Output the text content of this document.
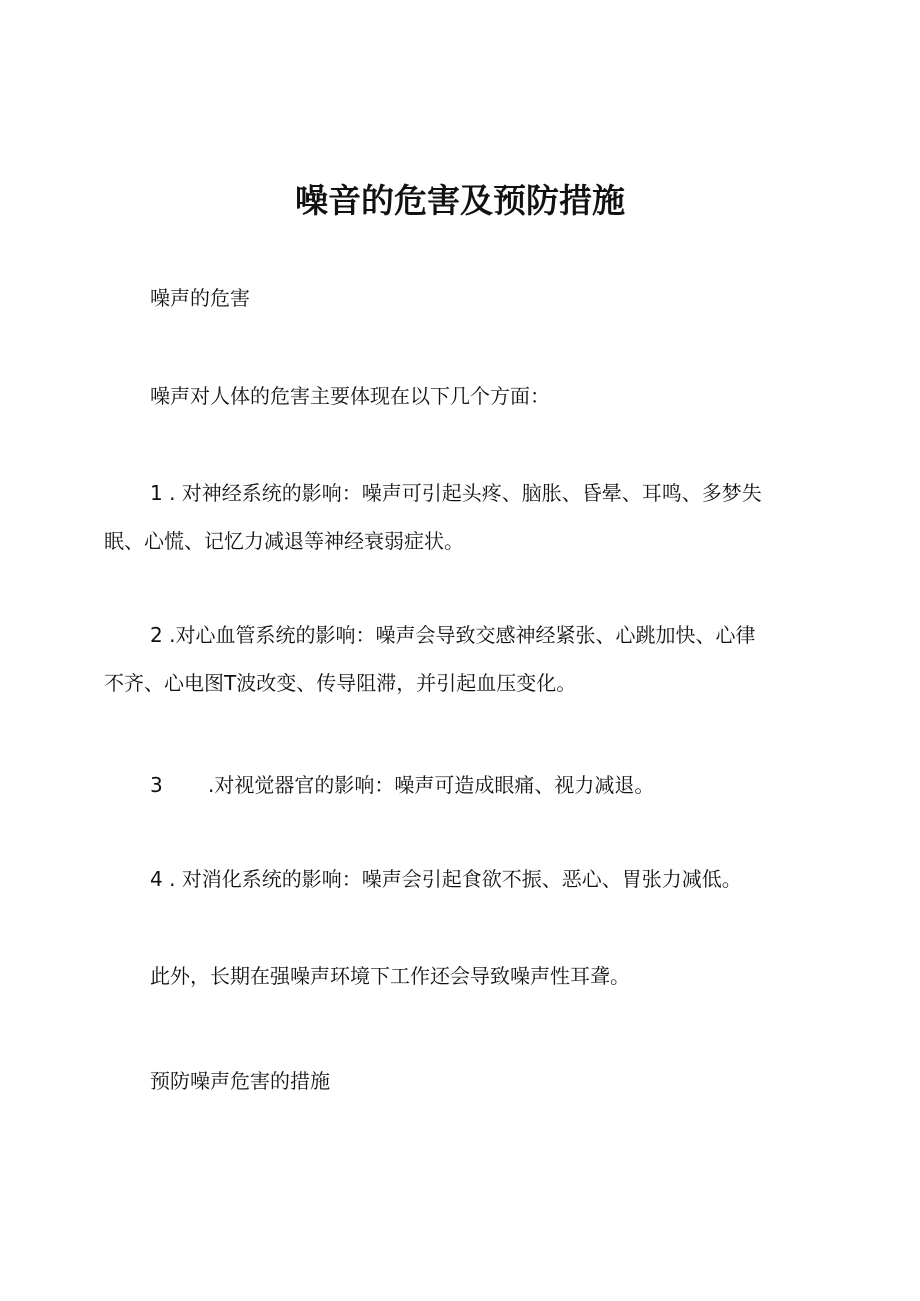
噪音的危害及预防措施

噪声的危害

噪声对人体的危害主要体现在以下几个方面：

1 . 对神经系统的影响：噪声可引起头疼、脑胀、昏晕、耳鸣、多梦失

眠、心慌、记忆力减退等神经衰弱症状。

2 .对心血管系统的影响：噪声会导致交感神经紧张、心跳加快、心律

不齐、心电图T波改变、传导阻滞，并引起血压变化。

3 .对视觉器官的影响：噪声可造成眼痛、视力减退。

4 . 对消化系统的影响：噪声会引起食欲不振、恶心、胃张力减低。

此外，长期在强噪声环境下工作还会导致噪声性耳聋。

预防噪声危害的措施
